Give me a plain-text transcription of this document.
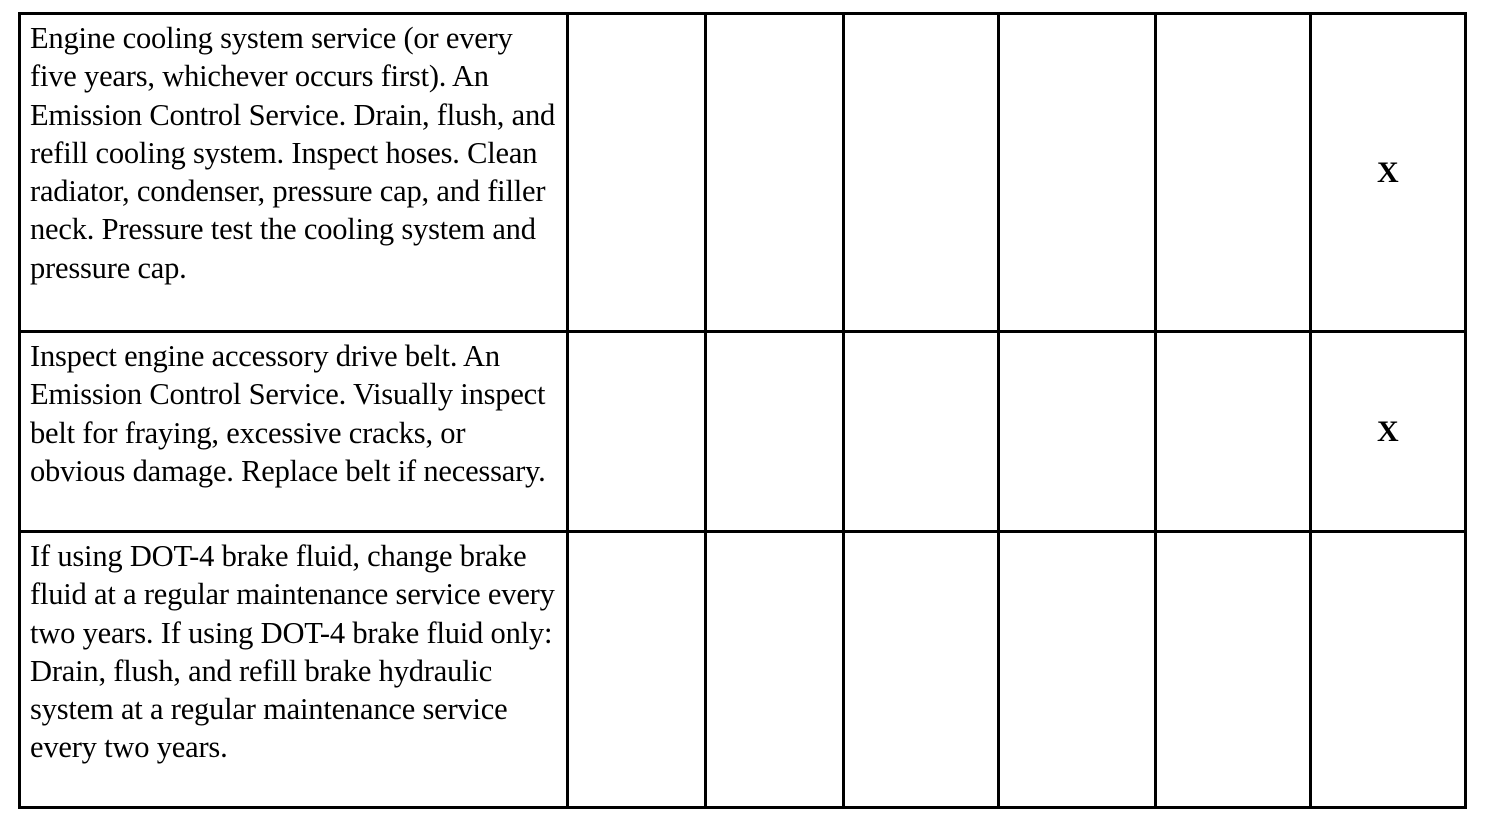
Engine cooling system service (or every five years, whichever occurs first). An Emission Control Service. Drain, flush, and refill cooling system. Inspect hoses. Clean radiator, condenser, pressure cap, and filler neck. Pressure test the cooling system and pressure cap.						X
Inspect engine accessory drive belt. An Emission Control Service. Visually inspect belt for fraying, excessive cracks, or obvious damage. Replace belt if necessary.						X
If using DOT-4 brake fluid, change brake fluid at a regular maintenance service every two years. If using DOT-4 brake fluid only: Drain, flush, and refill brake hydraulic system at a regular maintenance service every two years.						
